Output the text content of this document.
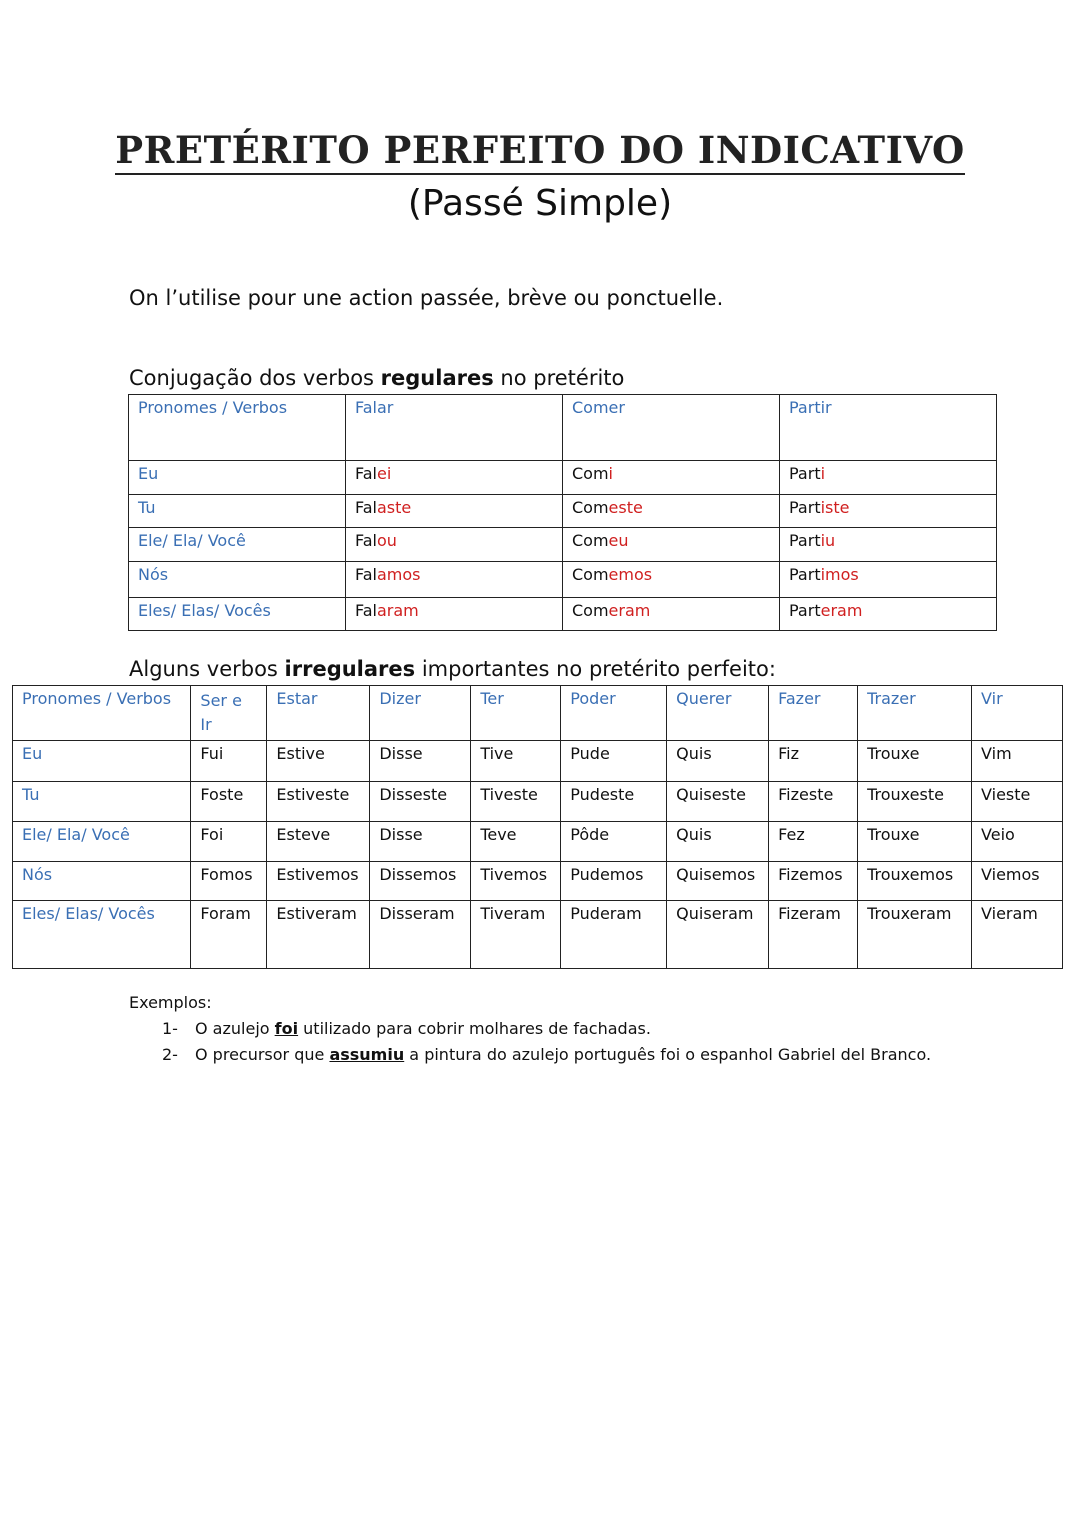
PRETÉRITO PERFEITO DO INDICATIVO
(Passé Simple)
On l’utilise pour une action passée, brève ou ponctuelle.
Conjugação dos verbos regulares no pretérito
Pronomes / Verbos	Falar	Comer	Partir
Eu	Falei	Comi	Parti
Tu	Falaste	Comeste	Partiste
Ele/ Ela/ Você	Falou	Comeu	Partiu
Nós	Falamos	Comemos	Partimos
Eles/ Elas/ Vocês	Falaram	Comeram	Parteram
Alguns verbos irregulares importantes no pretérito perfeito:
Pronomes / Verbos	Ser e Ir	Estar	Dizer	Ter	Poder	Querer	Fazer	Trazer	Vir
Eu	Fui	Estive	Disse	Tive	Pude	Quis	Fiz	Trouxe	Vim
Tu	Foste	Estiveste	Disseste	Tiveste	Pudeste	Quiseste	Fizeste	Trouxeste	Vieste
Ele/ Ela/ Você	Foi	Esteve	Disse	Teve	Pôde	Quis	Fez	Trouxe	Veio
Nós	Fomos	Estivemos	Dissemos	Tivemos	Pudemos	Quisemos	Fizemos	Trouxemos	Viemos
Eles/ Elas/ Vocês	Foram	Estiveram	Disseram	Tiveram	Puderam	Quiseram	Fizeram	Trouxeram	Vieram
Exemplos:
1-	O azulejo foi utilizado para cobrir molhares de fachadas.
2-	O precursor que assumiu a pintura do azulejo português foi o espanhol Gabriel del Branco.
